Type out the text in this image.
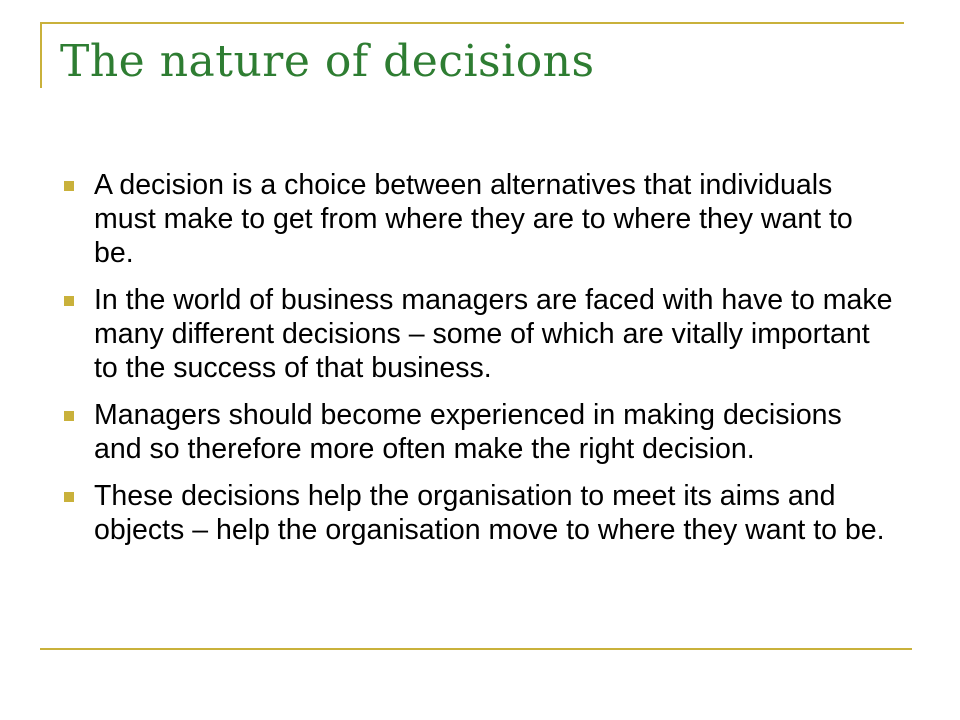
The nature of decisions
A decision is a choice between alternatives that individuals must make to get from where they are to where they want to be.
In the world of business managers are faced with have to make many different decisions – some of which are vitally important to the success of that business.
Managers should become experienced in making decisions and so therefore more often make the right decision.
These decisions help the organisation to meet its aims and objects – help the organisation move to where they want to be.
